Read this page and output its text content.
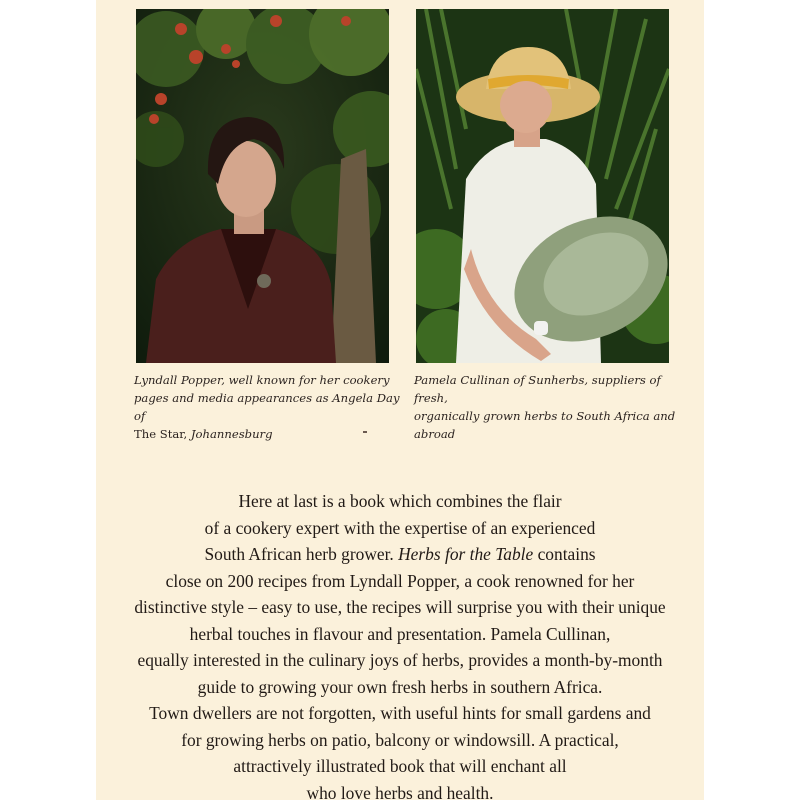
Lyndall Popper, well known for her cookery
pages and media appearances as Angela Day of
The Star, Johannesburg

Pamela Cullinan of Sunherbs, suppliers of fresh,
organically grown herbs to South Africa and
abroad

Here at last is a book which combines the flair
of a cookery expert with the expertise of an experienced
South African herb grower. Herbs for the Table contains
close on 200 recipes from Lyndall Popper, a cook renowned for her
distinctive style – easy to use, the recipes will surprise you with their unique
herbal touches in flavour and presentation. Pamela Cullinan,
equally interested in the culinary joys of herbs, provides a month-by-month
guide to growing your own fresh herbs in southern Africa.
Town dwellers are not forgotten, with useful hints for small gardens and
for growing herbs on patio, balcony or windowsill. A practical,
attractively illustrated book that will enchant all
who love herbs and health.
